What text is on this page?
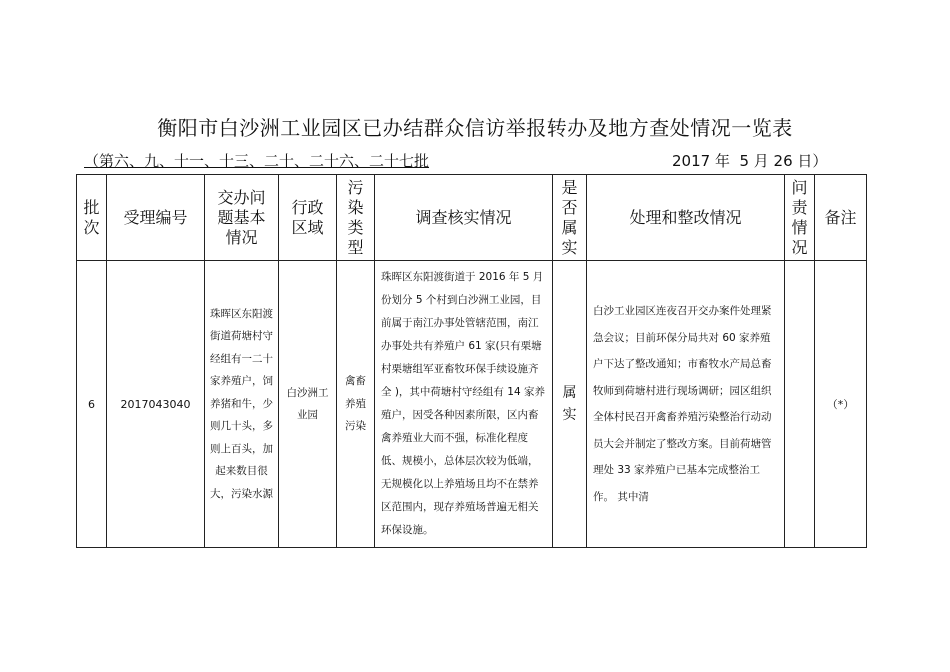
衡阳市白沙洲工业园区已办结群众信访举报转办及地方查处情况一览表
（第六、九、十一、十三、二十、二十六、二十七批	2017 年  5 月 26 日）
批次	受理编号	交办问题基本情况	行政区域	污染类型	调查核实情况	是否属实	处理和整改情况	问责情况	备注
6	2017043040	珠晖区东阳渡街道荷塘村守经组有一二十家养殖户，饲养猪和牛，少则几十头，多则上百头，加起来数目很大，污染水源	白沙洲工业园	禽畜养殖污染	珠晖区东阳渡街道于 2016 年 5 月份划分 5 个村到白沙洲工业园，目前属于南江办事处管辖范围，南江办事处共有养殖户 61 家(只有栗塘村栗塘组军亚畜牧环保手续设施齐全 )，其中荷塘村守经组有 14 家养殖户，因受各种因素所限，区内畜禽养殖业大而不强，标准化程度低、规模小，总体层次较为低端，无规模化以上养殖场且均不在禁养区范围内，现存养殖场普遍无相关环保设施。	属实	白沙工业园区连夜召开交办案件处理紧急会议；目前环保分局共对 60 家养殖户下达了整改通知；市畜牧水产局总畜牧师到荷塘村进行现场调研；园区组织全体村民召开禽畜养殖污染整治行动动员大会并制定了整改方案。目前荷塘管理处 33 家养殖户已基本完成整治工作。 其中清		（*）
